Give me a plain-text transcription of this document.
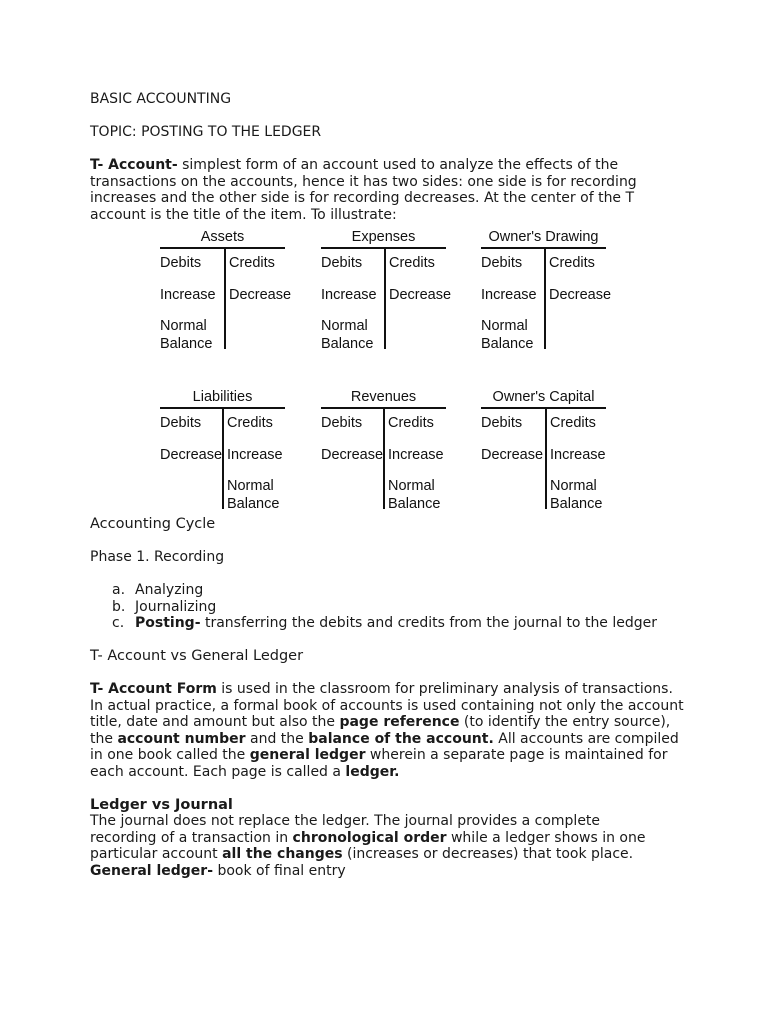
BASIC ACCOUNTING

TOPIC: POSTING TO THE LEDGER

T- Account- simplest form of an account used to analyze the effects of the transactions on the accounts, hence it has two sides: one side is for recording increases and the other side is for recording decreases. At the center of the T account is the title of the item. To illustrate:

Assets
Debits Credits
Increase Decrease
Normal
Balance
Expenses
Debits Credits
Increase Decrease
Normal
Balance
Owner's Drawing
Debits Credits
Increase Decrease
Normal
Balance
Liabilities
Debits Credits
Decrease Increase
Normal
Balance
Revenues
Debits Credits
Decrease Increase
Normal
Balance
Owner's Capital
Debits Credits
Decrease Increase
Normal
Balance

Accounting Cycle

Phase 1. Recording

a. Analyzing
b. Journalizing
c. Posting- transferring the debits and credits from the journal to the ledger

T- Account vs General Ledger

T- Account Form is used in the classroom for preliminary analysis of transactions. In actual practice, a formal book of accounts is used containing not only the account title, date and amount but also the page reference (to identify the entry source), the account number and the balance of the account. All accounts are compiled in one book called the general ledger wherein a separate page is maintained for each account. Each page is called a ledger.

Ledger vs Journal

The journal does not replace the ledger. The journal provides a complete recording of a transaction in chronological order while a ledger shows in one particular account all the changes (increases or decreases) that took place.

General ledger- book of final entry
